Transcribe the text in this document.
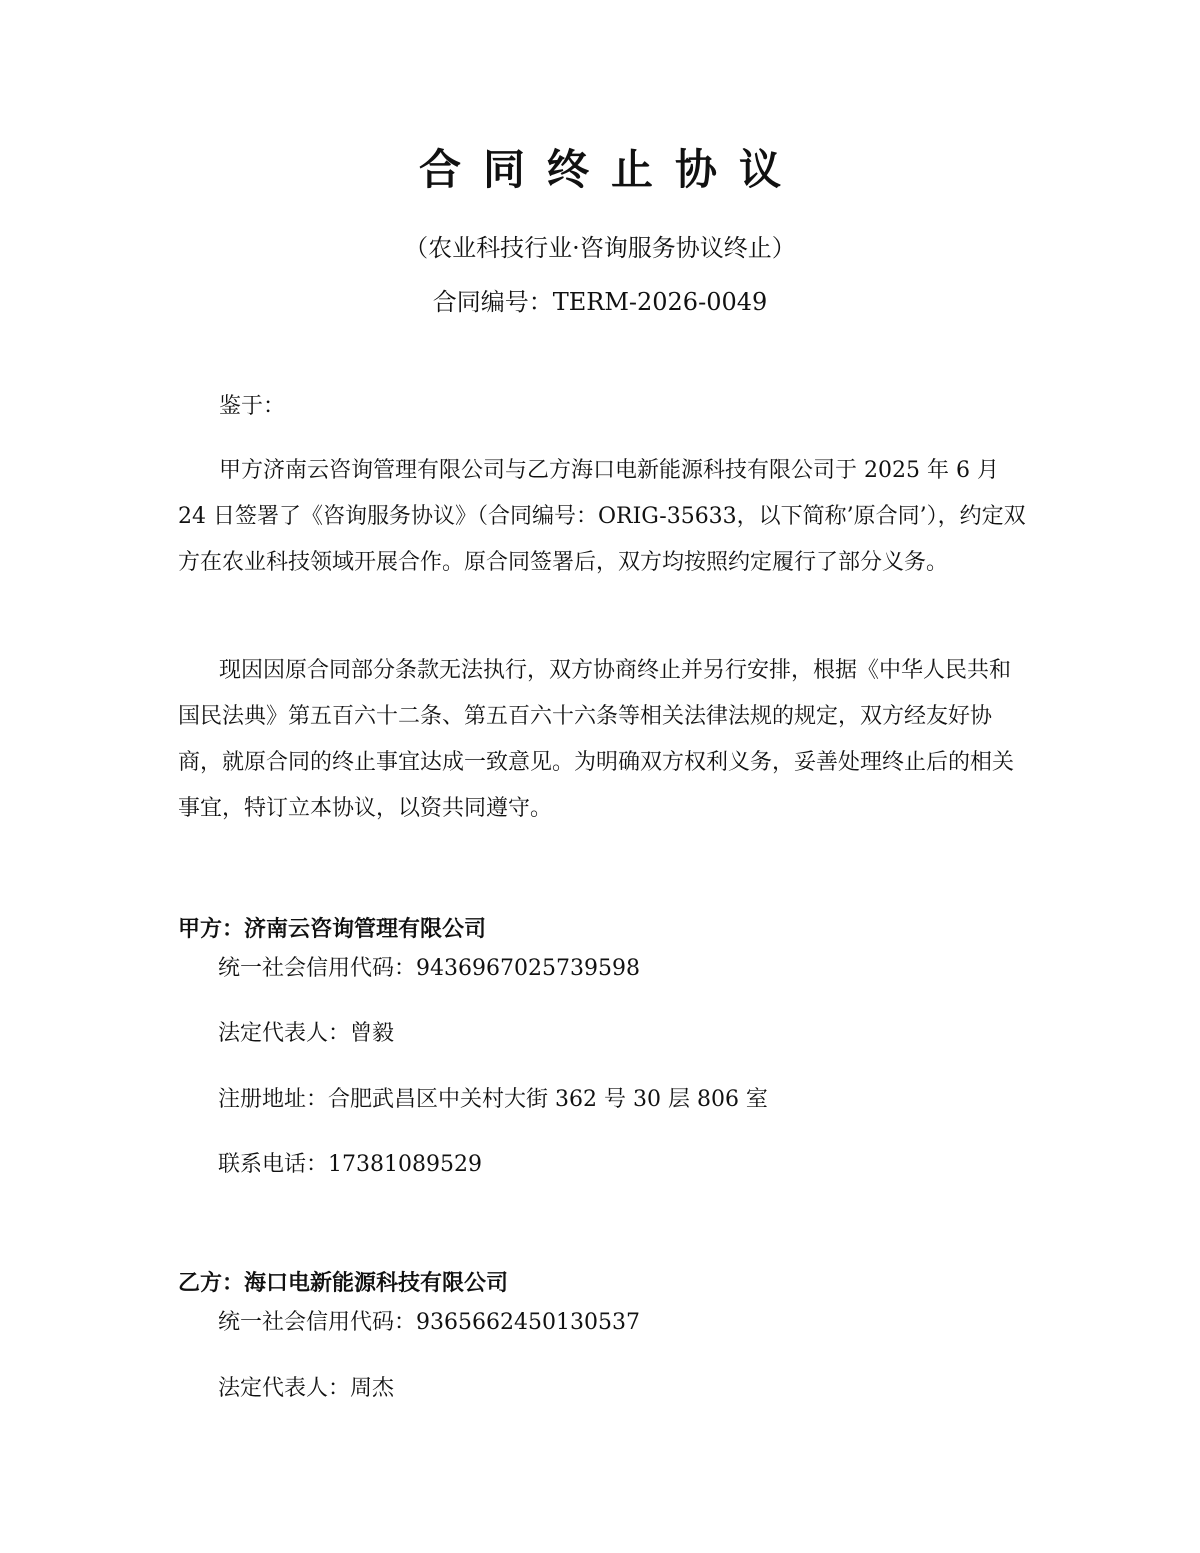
合同终止协议
（农业科技行业·咨询服务协议终止）
合同编号：TERM-2026-0049
鉴于：
甲方济南云咨询管理有限公司与乙方海口电新能源科技有限公司于 2025 年 6 月 24 日签署了《咨询服务协议》（合同编号：ORIG-35633，以下简称’原合同’），约定双方在农业科技领域开展合作。原合同签署后，双方均按照约定履行了部分义务。
现因因原合同部分条款无法执行，双方协商终止并另行安排，根据《中华人民共和国民法典》第五百六十二条、第五百六十六条等相关法律法规的规定，双方经友好协商，就原合同的终止事宜达成一致意见。为明确双方权利义务，妥善处理终止后的相关事宜，特订立本协议，以资共同遵守。
甲方：济南云咨询管理有限公司
统一社会信用代码：9436967025739598
法定代表人：曾毅
注册地址：合肥武昌区中关村大街 362 号 30 层 806 室
联系电话：17381089529
乙方：海口电新能源科技有限公司
统一社会信用代码：9365662450130537
法定代表人：周杰
